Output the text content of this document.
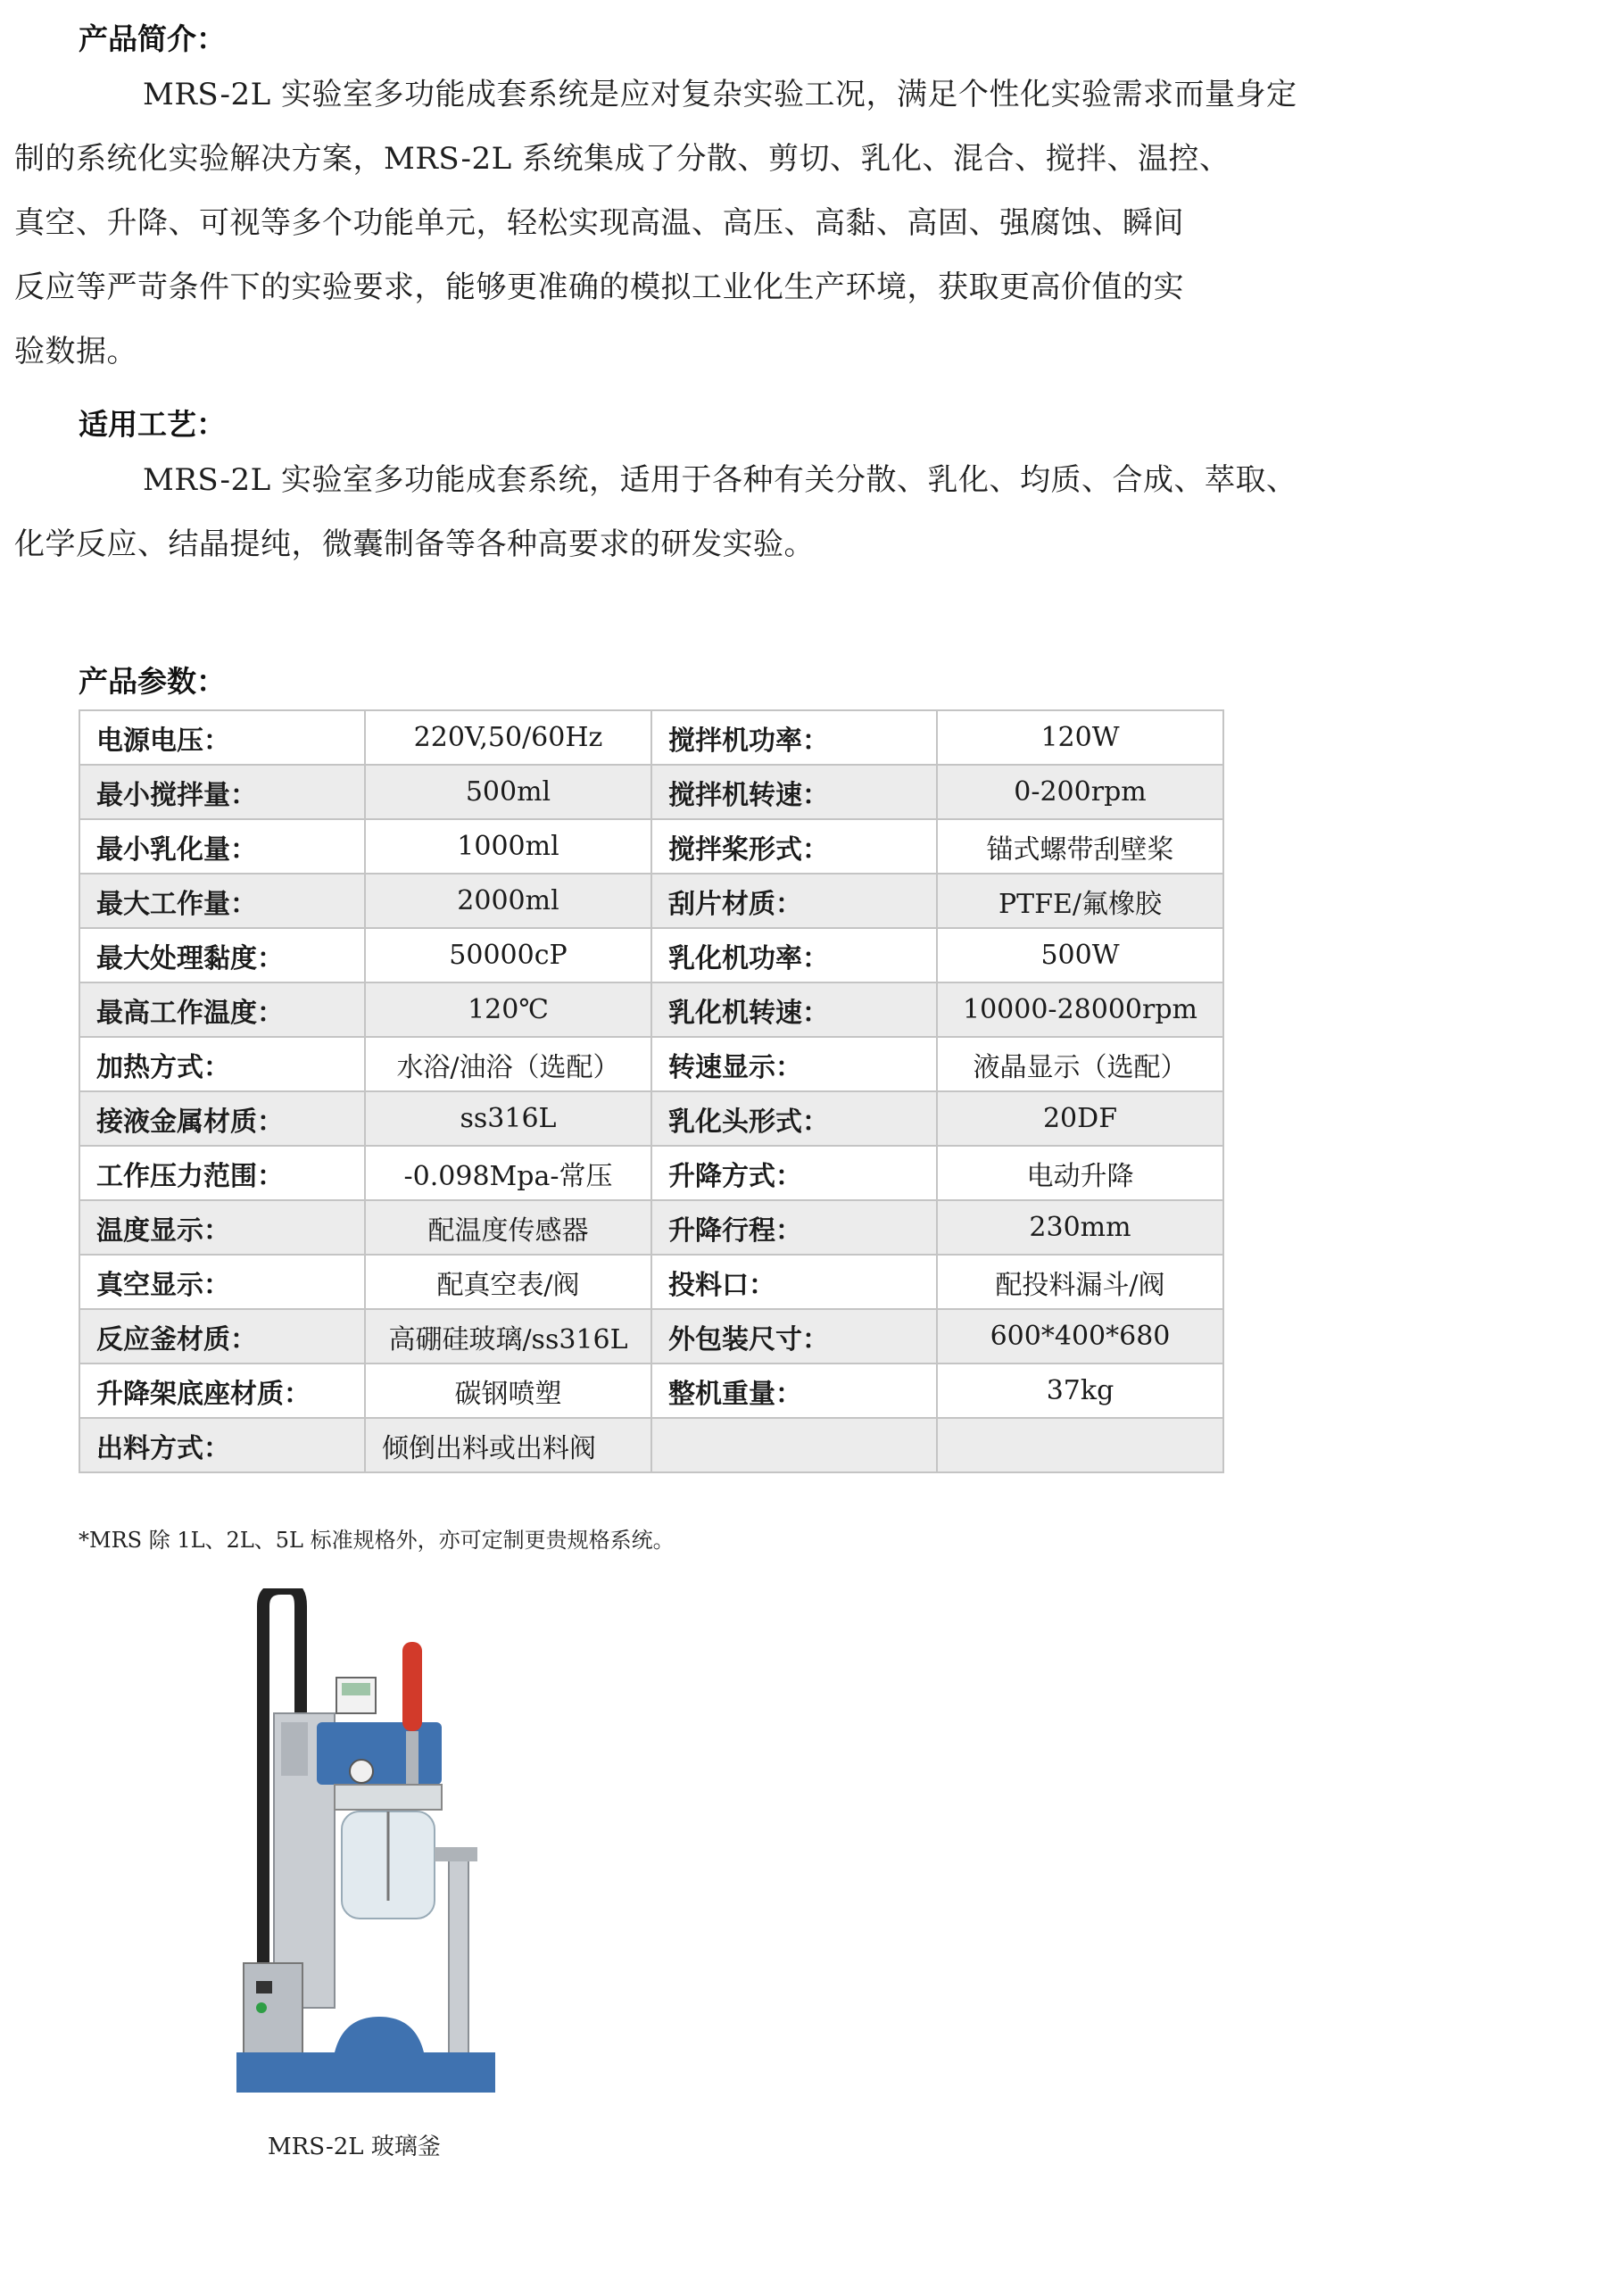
产品简介：
MRS-2L 实验室多功能成套系统是应对复杂实验工况，满足个性化实验需求而量身定
制的系统化实验解决方案，MRS-2L 系统集成了分散、剪切、乳化、混合、搅拌、温控、
真空、升降、可视等多个功能单元，轻松实现高温、高压、高黏、高固、强腐蚀、瞬间
反应等严苛条件下的实验要求，能够更准确的模拟工业化生产环境，获取更高价值的实
验数据。
适用工艺：
MRS-2L 实验室多功能成套系统，适用于各种有关分散、乳化、均质、合成、萃取、
化学反应、结晶提纯，微囊制备等各种高要求的研发实验。
产品参数：
电源电压：	220V,50/60Hz	搅拌机功率：	120W
最小搅拌量：	500ml	搅拌机转速：	0-200rpm
最小乳化量：	1000ml	搅拌桨形式：	锚式螺带刮壁桨
最大工作量：	2000ml	刮片材质：	PTFE/氟橡胶
最大处理黏度：	50000cP	乳化机功率：	500W
最高工作温度：	120℃	乳化机转速：	10000-28000rpm
加热方式：	水浴/油浴（选配）	转速显示：	液晶显示（选配）
接液金属材质：	ss316L	乳化头形式：	20DF
工作压力范围：	-0.098Mpa-常压	升降方式：	电动升降
温度显示：	配温度传感器	升降行程：	230mm
真空显示：	配真空表/阀	投料口：	配投料漏斗/阀
反应釜材质：	高硼硅玻璃/ss316L	外包装尺寸：	600*400*680
升降架底座材质：	碳钢喷塑	整机重量：	37kg
出料方式：	倾倒出料或出料阀		
*MRS 除 1L、2L、5L 标准规格外，亦可定制更贵规格系统。
MRS-2L 玻璃釜
